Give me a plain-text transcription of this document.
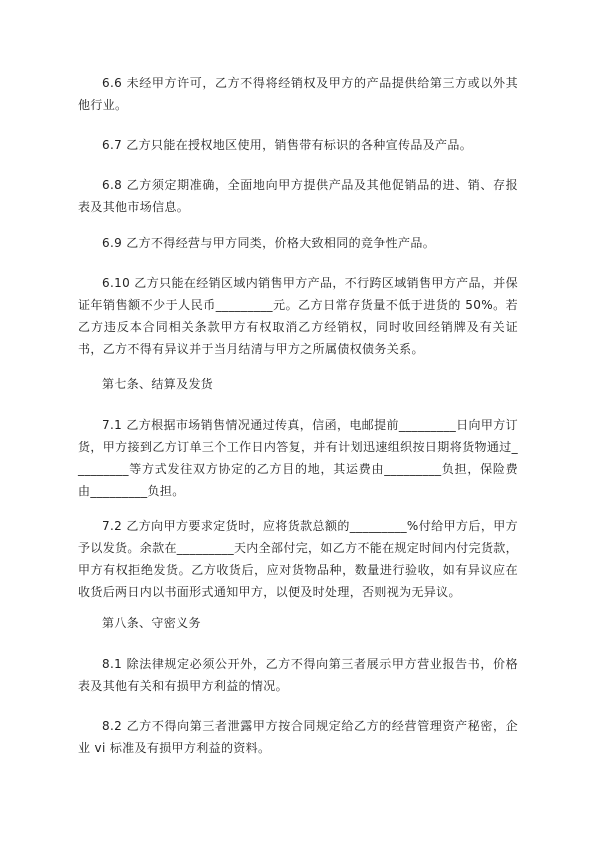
6.6 未经甲方许可，乙方不得将经销权及甲方的产品提供给第三方或以外其他行业。

6.7 乙方只能在授权地区使用，销售带有标识的各种宣传品及产品。

6.8 乙方须定期准确，全面地向甲方提供产品及其他促销品的进、销、存报表及其他市场信息。

6.9 乙方不得经营与甲方同类，价格大致相同的竞争性产品。

6.10 乙方只能在经销区域内销售甲方产品，不行跨区域销售甲方产品，并保证年销售额不少于人民币_________元。乙方日常存货量不低于进货的 50%。若乙方违反本合同相关条款甲方有权取消乙方经销权，同时收回经销牌及有关证书，乙方不得有异议并于当月结清与甲方之所属债权债务关系。

第七条、结算及发货

7.1 乙方根据市场销售情况通过传真，信函，电邮提前_________日向甲方订货，甲方接到乙方订单三个工作日内答复，并有计划迅速组织按日期将货物通过_________等方式发往双方协定的乙方目的地，其运费由_________负担，保险费由_________负担。

7.2 乙方向甲方要求定货时，应将货款总额的_________%付给甲方后，甲方予以发货。余款在_________天内全部付完，如乙方不能在规定时间内付完货款，甲方有权拒绝发货。乙方收货后，应对货物品种，数量进行验收，如有异议应在收货后两日内以书面形式通知甲方，以便及时处理，否则视为无异议。

第八条、守密义务

8.1 除法律规定必须公开外，乙方不得向第三者展示甲方营业报告书，价格表及其他有关和有损甲方利益的情况。

8.2 乙方不得向第三者泄露甲方按合同规定给乙方的经营管理资产秘密，企业 vi 标准及有损甲方利益的资料。
